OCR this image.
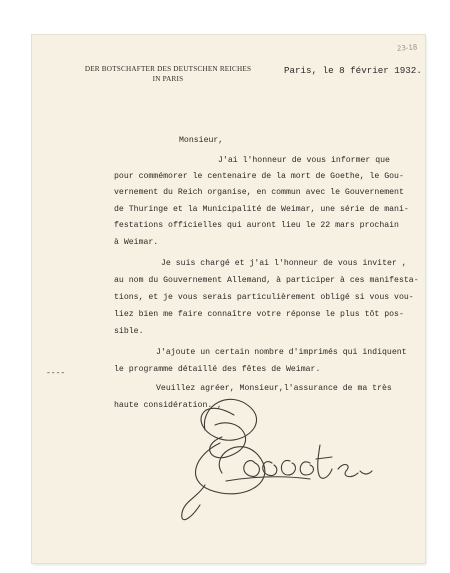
23-18
DER BOTSCHAFTER DES DEUTSCHEN REICHES
IN PARIS
Paris, le 8 février 1932.
Monsieur,
J'ai l'honneur de vous informer que
pour commémorer le centenaire de la mort de Goethe, le Gou-
vernement du Reich organise, en commun avec le Gouvernement
de Thuringe et la Municipalité de Weimar, une série de mani-
festations officielles qui auront lieu le 22 mars prochain
à Weimar.
Je suis chargé et j'ai l'honneur de vous inviter ,
au nom du Gouvernement Allemand, à participer à ces manifesta-
tions, et je vous serais particulièrement obligé si vous vou-
liez bien me faire connaître votre réponse le plus tôt pos-
sible.
J'ajoute un certain nombre d'imprimés qui indiquent
le programme détaillé des fêtes de Weimar.
Veuillez agréer, Monsieur,l'assurance de ma très
haute considération. ,
----
